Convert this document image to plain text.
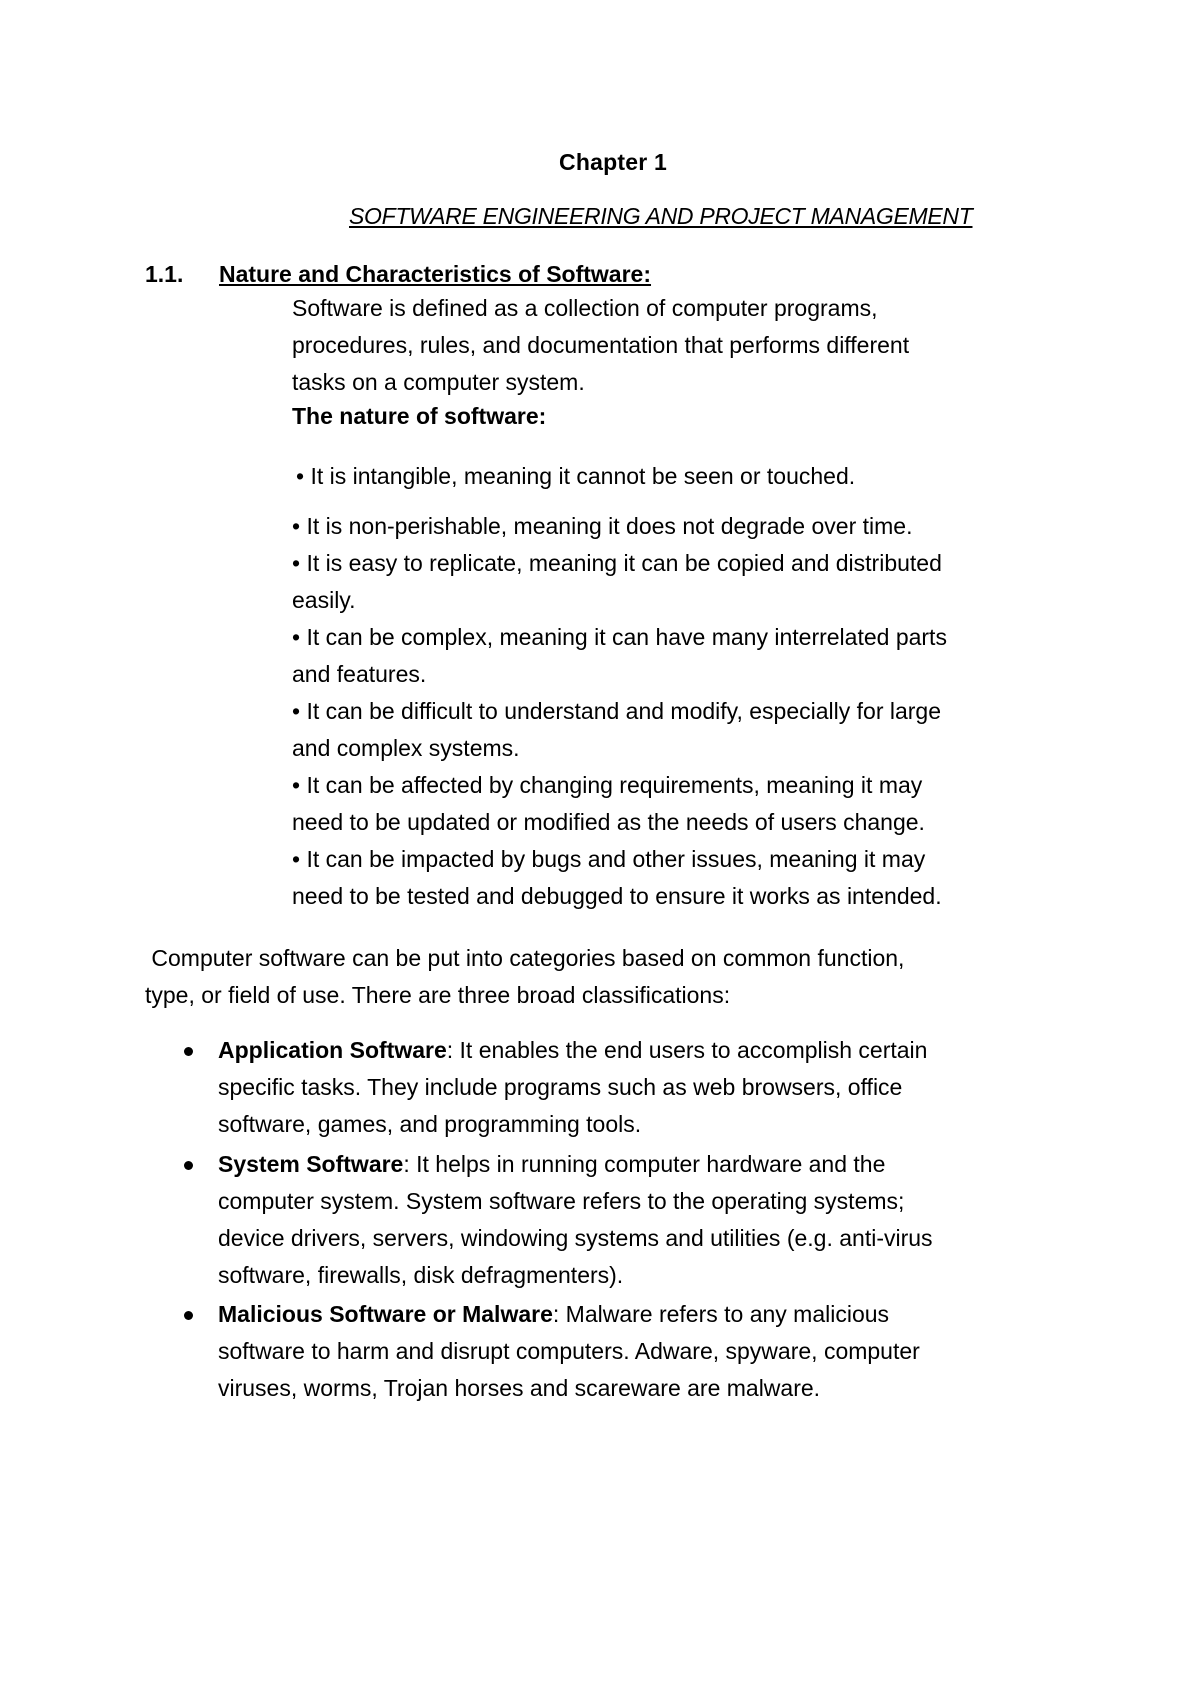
Chapter 1
SOFTWARE ENGINEERING AND PROJECT MANAGEMENT
1.1. Nature and Characteristics of Software:

Software is defined as a collection of computer programs,

procedures, rules, and documentation that performs different

tasks on a computer system.

The nature of software:
• It is intangible, meaning it cannot be seen or touched.

• It is non-perishable, meaning it does not degrade over time.

• It is easy to replicate, meaning it can be copied and distributed

easily.

• It can be complex, meaning it can have many interrelated parts

and features.

• It can be difficult to understand and modify, especially for large

and complex systems.

• It can be affected by changing requirements, meaning it may

need to be updated or modified as the needs of users change.

• It can be impacted by bugs and other issues, meaning it may

need to be tested and debugged to ensure it works as intended.

Computer software can be put into categories based on common function,
type, or field of use. There are three broad classifications:
Application Software: It enables the end users to accomplish certain
specific tasks. They include programs such as web browsers, office
software, games, and programming tools.
System Software: It helps in running computer hardware and the
computer system. System software refers to the operating systems;
device drivers, servers, windowing systems and utilities (e.g. anti-virus
software, firewalls, disk defragmenters).
Malicious Software or Malware: Malware refers to any malicious
software to harm and disrupt computers. Adware, spyware, computer
viruses, worms, Trojan horses and scareware are malware.
